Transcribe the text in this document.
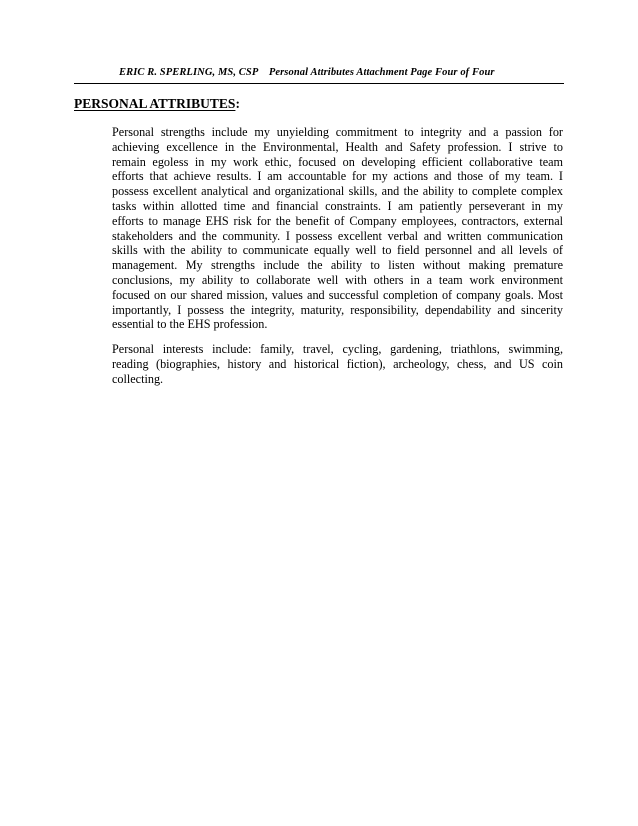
ERIC R. SPERLING, MS, CSP    Personal Attributes Attachment Page Four of Four
PERSONAL ATTRIBUTES:
Personal strengths include my unyielding commitment to integrity and a passion for
achieving excellence in the Environmental, Health and Safety profession. I strive to
remain egoless in my work ethic, focused on developing efficient collaborative team
efforts that achieve results. I am accountable for my actions and those of my team. I
possess excellent analytical and organizational skills, and the ability to complete complex
tasks within allotted time and financial constraints. I am patiently perseverant in my
efforts to manage EHS risk for the benefit of Company employees, contractors, external
stakeholders and the community. I possess excellent verbal and written communication
skills with the ability to communicate equally well to field personnel and all levels of
management. My strengths include the ability to listen without making premature
conclusions, my ability to collaborate well with others in a team work environment
focused on our shared mission, values and successful completion of company goals. Most
importantly, I possess the integrity, maturity, responsibility, dependability and sincerity
essential to the EHS profession.
Personal interests include: family, travel, cycling, gardening, triathlons, swimming,
reading (biographies, history and historical fiction), archeology, chess, and US coin
collecting.
